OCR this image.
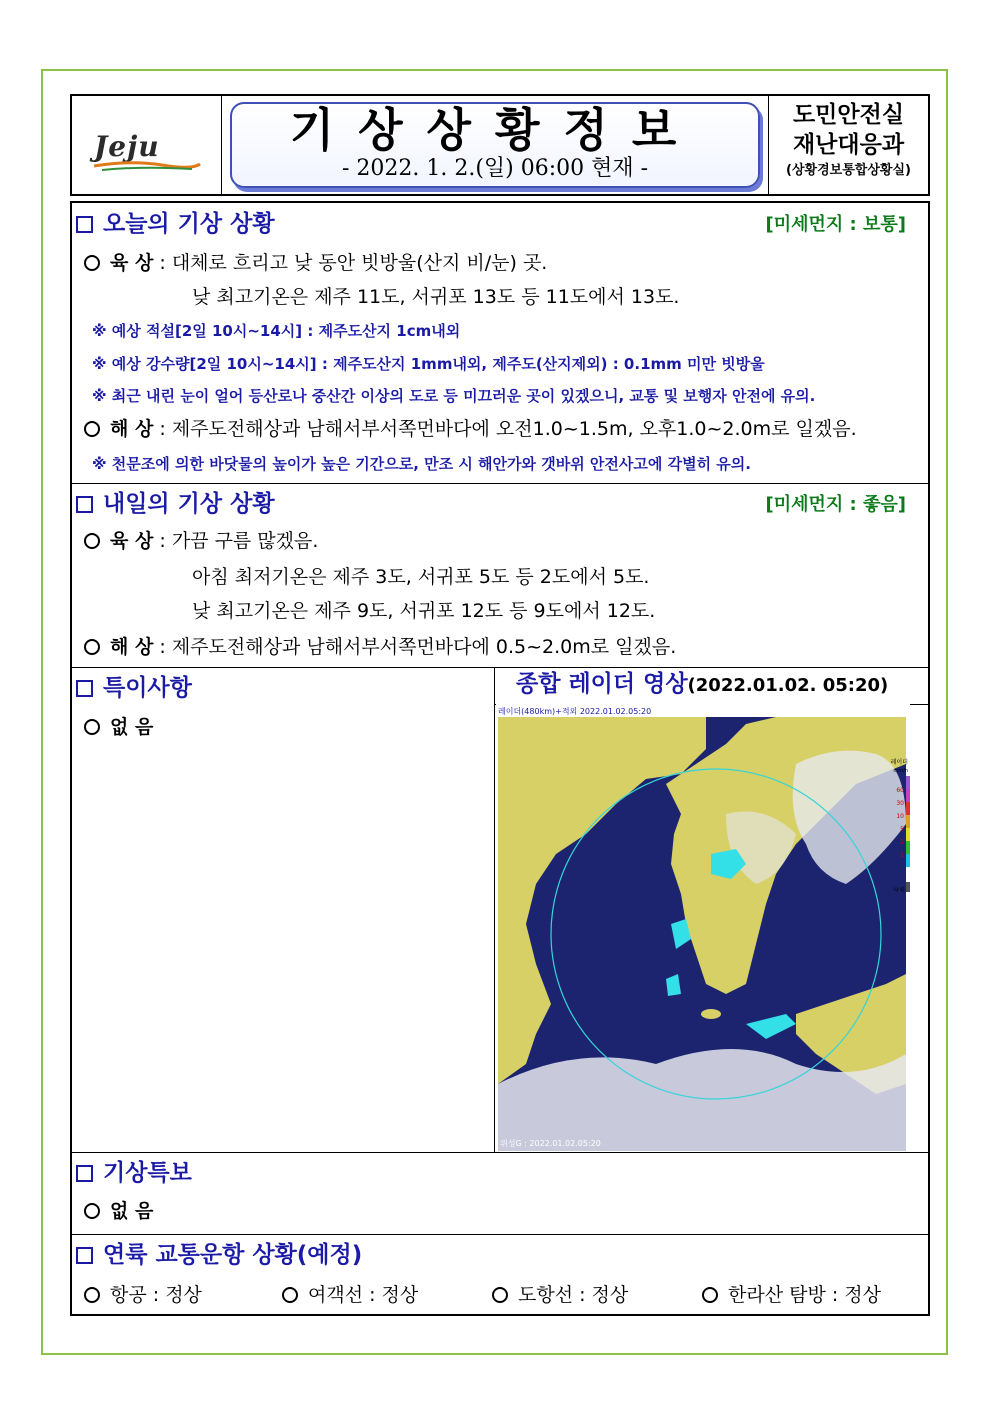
Jeju	기상상황정보
- 2022. 1. 2.(일) 06:00 현재 -
도민안전실
재난대응과
(상황경보통합상황실)
오늘의 기상 상황	[미세먼지 : 보통]
육 상 : 대체로 흐리고 낮 동안 빗방울(산지 비/눈) 곳.
낮 최고기온은 제주 11도, 서귀포 13도 등 11도에서 13도.
※ 예상 적설[2일 10시~14시] : 제주도산지 1cm내외
※ 예상 강수량[2일 10시~14시] : 제주도산지 1mm내외, 제주도(산지제외) : 0.1mm 미만 빗방울
※ 최근 내린 눈이 얼어 등산로나 중산간 이상의 도로 등 미끄러운 곳이 있겠으니, 교통 및 보행자 안전에 유의.
해 상 : 제주도전해상과 남해서부서쪽먼바다에 오전1.0~1.5m, 오후1.0~2.0m로 일겠음.
※ 천문조에 의한 바닷물의 높이가 높은 기간으로, 만조 시 해안가와 갯바위 안전사고에 각별히 유의.
내일의 기상 상황	[미세먼지 : 좋음]
육 상 : 가끔 구름 많겠음.
아침 최저기온은 제주 3도, 서귀포 5도 등 2도에서 5도.
낮 최고기온은 제주 9도, 서귀포 12도 등 9도에서 12도.
해 상 : 제주도전해상과 남해서부서쪽먼바다에 0.5~2.0m로 일겠음.
특이사항
없 음
종합 레이더 영상(2022.01.02. 05:20)
레이더(480km)+적외 2022.01.02.05:20
레이더
mm/h
60
30
10
5
2
1
낙뢰
위성G : 2022.01.02.05:20
기상특보
없 음
연륙 교통운항 상황(예정)
항공 : 정상	여객선 : 정상	도항선 : 정상	한라산 탐방 : 정상
